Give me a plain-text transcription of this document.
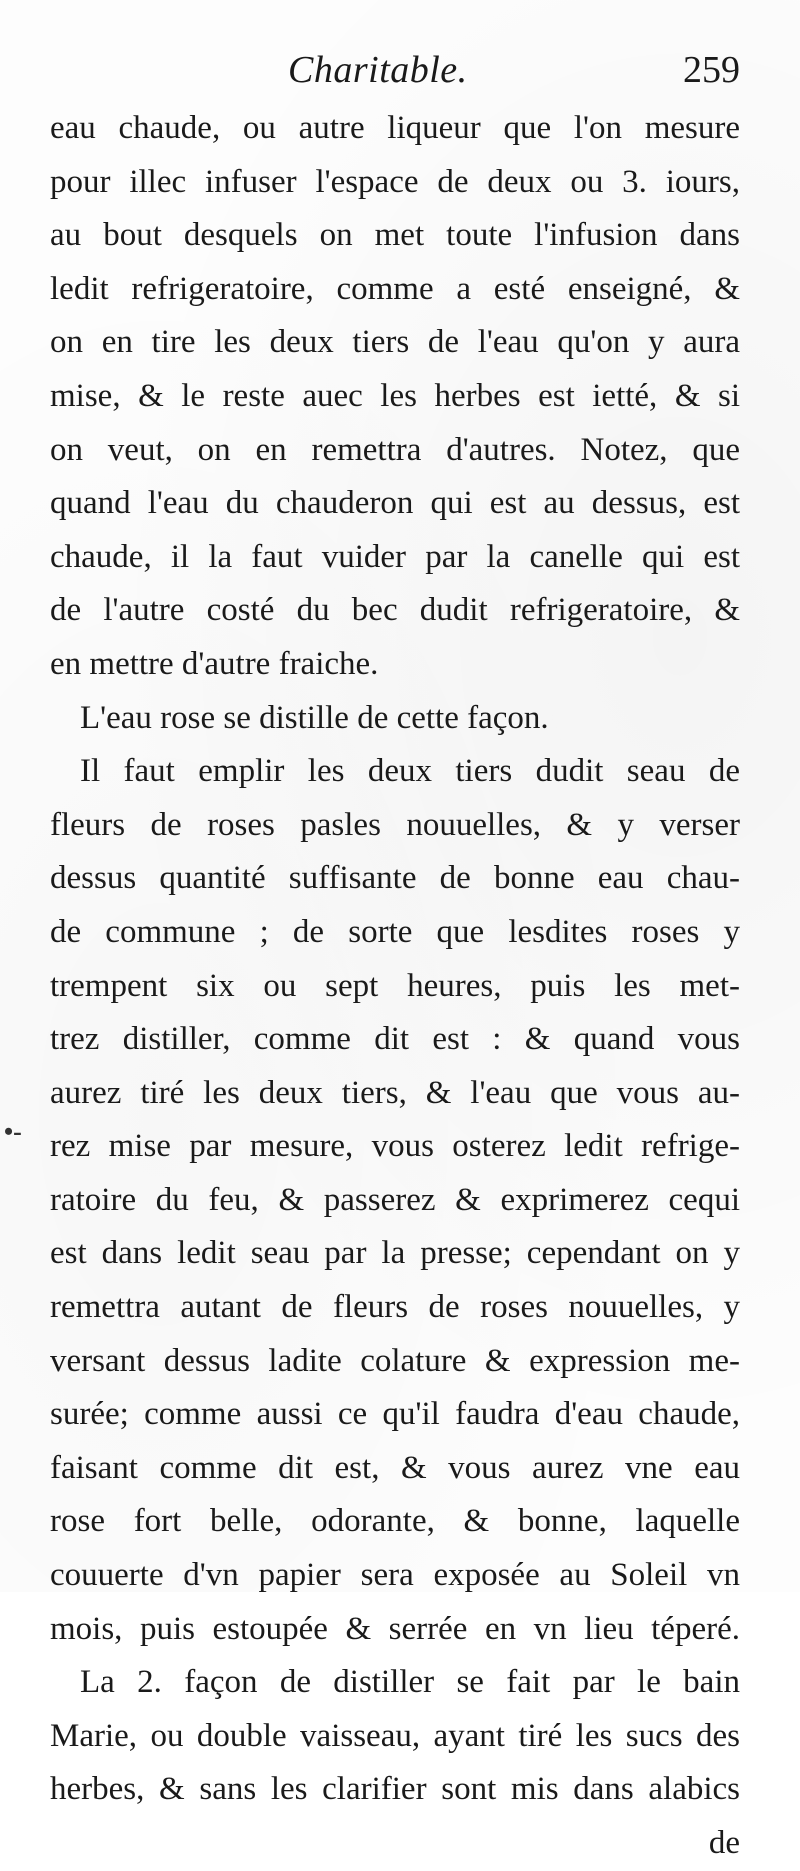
Charitable.	259
•-
eau chaude, ou autre liqueur que l'on mesure
pour illec infuser l'espace de deux ou 3. iours,
au bout desquels on met toute l'infusion dans
ledit refrigeratoire, comme a esté enseigné, &
on en tire les deux tiers de l'eau qu'on y aura
mise, & le reste auec les herbes est ietté, & si
on veut, on en remettra d'autres. Notez, que
quand l'eau du chauderon qui est au dessus, est
chaude, il la faut vuider par la canelle qui est
de l'autre costé du bec dudit refrigeratoire, &
en mettre d'autre fraiche.
L'eau rose se distille de cette façon.
Il faut emplir les deux tiers dudit seau de
fleurs de roses pasles nouuelles, & y verser
dessus quantité suffisante de bonne eau chau-
de commune ; de sorte que lesdites roses y
trempent six ou sept heures, puis les met-
trez distiller, comme dit est : & quand vous
aurez tiré les deux tiers, & l'eau que vous au-
rez mise par mesure, vous osterez ledit refrige-
ratoire du feu, & passerez & exprimerez cequi
est dans ledit seau par la presse; cependant on y
remettra autant de fleurs de roses nouuelles, y
versant dessus ladite colature & expression me-
surée; comme aussi ce qu'il faudra d'eau chaude,
faisant comme dit est, & vous aurez vne eau
rose fort belle, odorante, & bonne, laquelle
couuerte d'vn papier sera exposée au Soleil vn
mois, puis estoupée & serrée en vn lieu téperé.
La 2. façon de distiller se fait par le bain
Marie, ou double vaisseau, ayant tiré les sucs des
herbes, & sans les clarifier sont mis dans alabics
de
